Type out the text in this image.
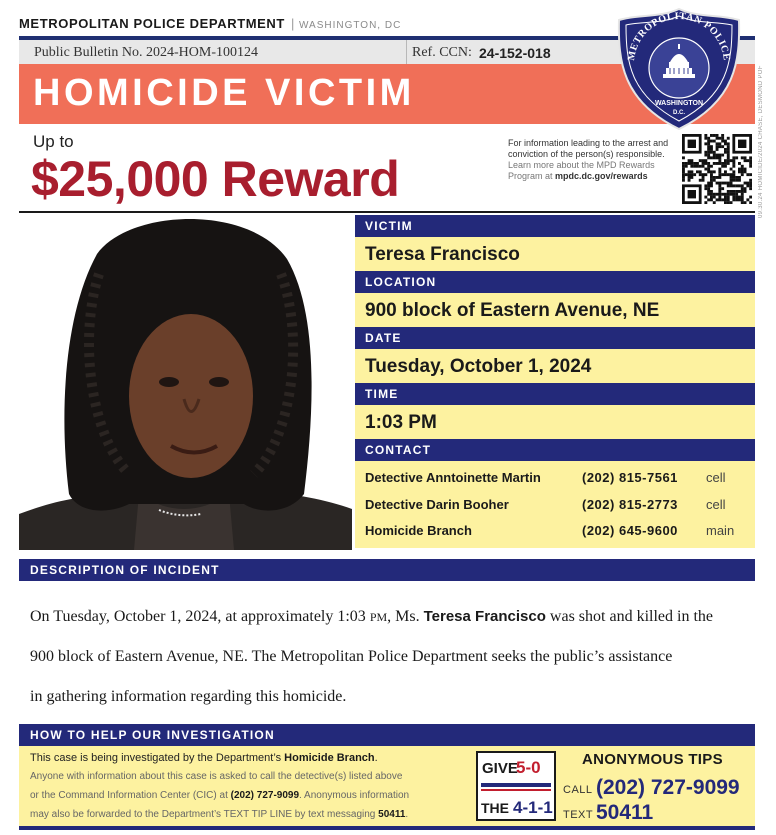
METROPOLITAN POLICE DEPARTMENT | WASHINGTON, DC
Public Bulletin No. 2024-HOM-100124	Ref. CCN: 24-152-018
HOMICIDE VICTIM
METROPOLITAN POLICE
WASHINGTON
D.C.
Up to
$25,000 Reward
For information leading to the arrest and conviction of the person(s) responsible.
Learn more about the MPD Rewards Program at mpdc.dc.gov/rewards
VICTIM
Teresa Francisco
LOCATION
900 block of Eastern Avenue, NE
DATE
Tuesday, October 1, 2024
TIME
1:03 PM
CONTACT
Detective Anntoinette Martin	(202) 815-7561 cell
Detective Darin Booher	(202) 815-2773 cell
Homicide Branch	(202) 645-9600 main
DESCRIPTION OF INCIDENT
On Tuesday, October 1, 2024, at approximately 1:03 PM, Ms. Teresa Francisco was shot and killed in the
900 block of Eastern Avenue, NE. The Metropolitan Police Department seeks the public’s assistance
in gathering information regarding this homicide.
HOW TO HELP OUR INVESTIGATION
This case is being investigated by the Department’s Homicide Branch.
Anyone with information about this case is asked to call the detective(s) listed above
or the Command Information Center (CIC) at (202) 727-9099. Anonymous information
may also be forwarded to the Department’s TEXT TIP LINE by text messaging 50411.
GIVE
5-0
THE 4-1-1
ANONYMOUS TIPS
CALL (202) 727-9099
TEXT 50411
09.30.24 HOMICIDE/2024 CHASE, DESMOND POF
